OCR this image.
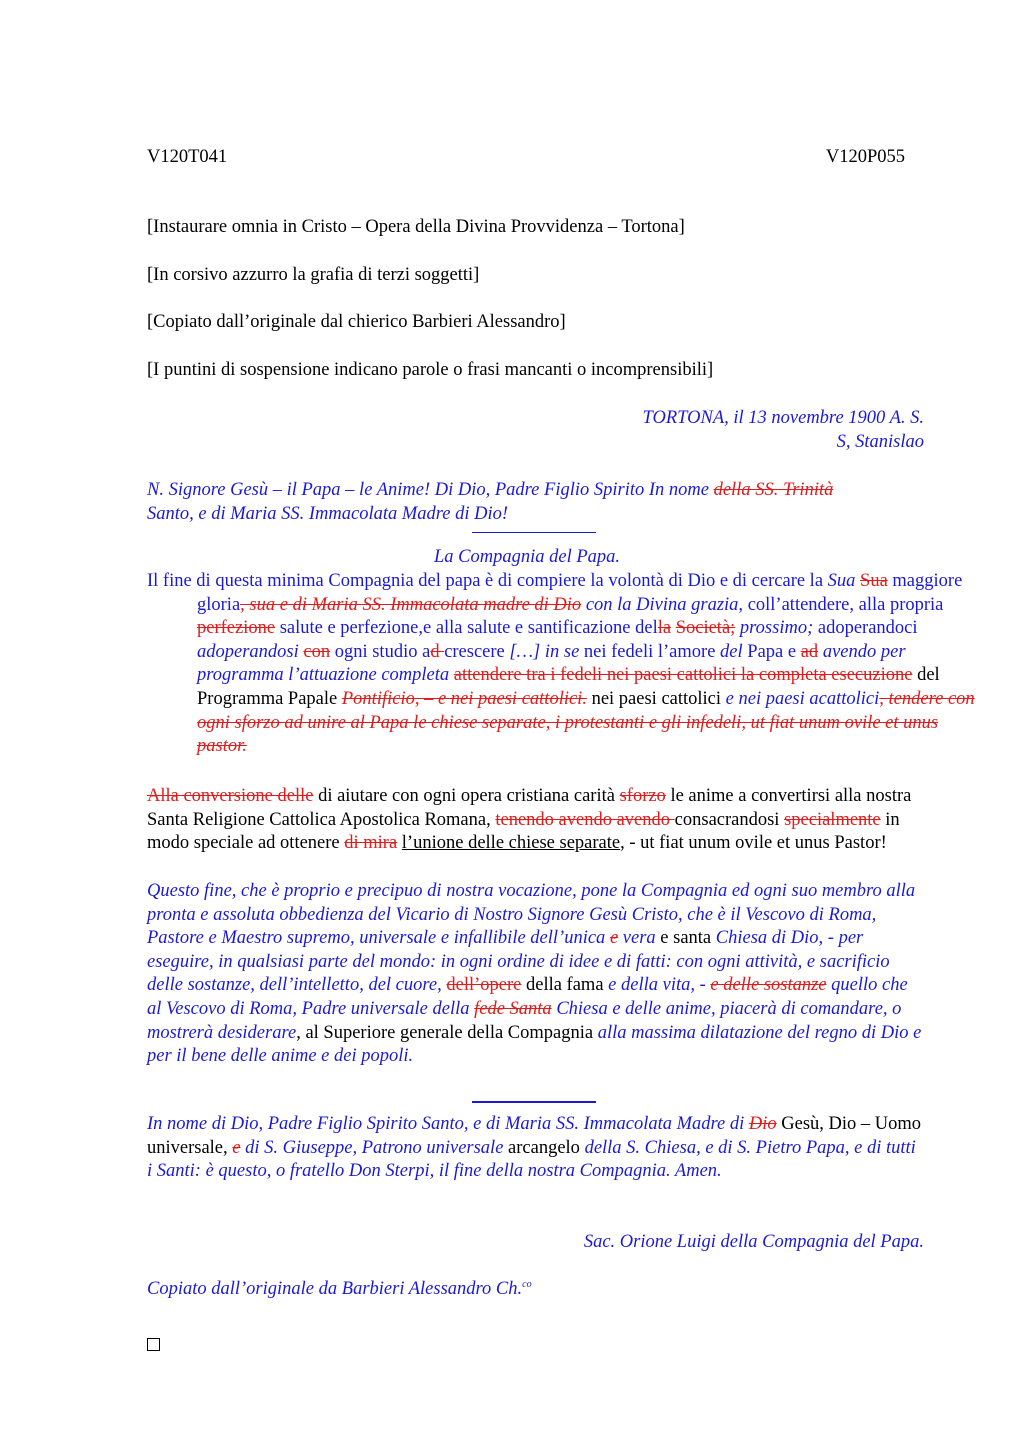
V120T041	V120P055
[Instaurare omnia in Cristo – Opera della Divina Provvidenza – Tortona]
[In corsivo azzurro la grafia di terzi soggetti]
[Copiato dall’originale dal chierico Barbieri Alessandro]
[I puntini di sospensione indicano parole o frasi mancanti o incomprensibili]
TORTONA, il 13 novembre 1900 A. S.
S, Stanislao
N. Signore Gesù – il Papa – le Anime! Di Dio, Padre Figlio Spirito In nome della SS. Trinità
Santo, e di Maria SS. Immacolata Madre di Dio!
La Compagnia del Papa.
Il fine di questa minima Compagnia del papa è di compiere la volontà di Dio e di cercare la Sua Sua maggiore gloria, sua e di Maria SS. Immacolata madre di Dio con la Divina grazia, coll’attendere, alla propria perfezione salute e perfezione,e alla salute e santificazione della Società; prossimo; adoperandoci adoperandosi con ogni studio ad crescere […] in se nei fedeli l’amore del Papa e ad avendo per programma l’attuazione completa attendere tra i fedeli nei paesi cattolici la completa esecuzione del Programma Papale Pontificio, – e nei paesi cattolici. nei paesi cattolici e nei paesi acattolici, tendere con ogni sforzo ad unire al Papa le chiese separate, i protestanti e gli infedeli, ut fiat unum ovile et unus pastor.
Alla conversione delle di aiutare con ogni opera cristiana carità sforzo le anime a convertirsi alla nostra Santa Religione Cattolica Apostolica Romana, tenendo avendo avendo consacrandosi specialmente in modo speciale ad ottenere di mira l’unione delle chiese separate, - ut fiat unum ovile et unus Pastor!
Questo fine, che è proprio e precipuo di nostra vocazione, pone la Compagnia ed ogni suo membro alla pronta e assoluta obbedienza del Vicario di Nostro Signore Gesù Cristo, che è il Vescovo di Roma, Pastore e Maestro supremo, universale e infallibile dell’unica e vera e santa Chiesa di Dio, - per eseguire, in qualsiasi parte del mondo: in ogni ordine di idee e di fatti: con ogni attività, e sacrificio delle sostanze, dell’intelletto, del cuore, dell’opere della fama e della vita, - e delle sostanze quello che al Vescovo di Roma, Padre universale della fede Santa Chiesa e delle anime, piacerà di comandare, o mostrerà desiderare, al Superiore generale della Compagnia alla massima dilatazione del regno di Dio e per il bene delle anime e dei popoli.
In nome di Dio, Padre Figlio Spirito Santo, e di Maria SS. Immacolata Madre di Dio Gesù, Dio – Uomo universale, e di S. Giuseppe, Patrono universale arcangelo della S. Chiesa, e di S. Pietro Papa, e di tutti i Santi: è questo, o fratello Don Sterpi, il fine della nostra Compagnia. Amen.
Sac. Orione Luigi della Compagnia del Papa.
Copiato dall’originale da Barbieri Alessandro Ch.$^{co}$
